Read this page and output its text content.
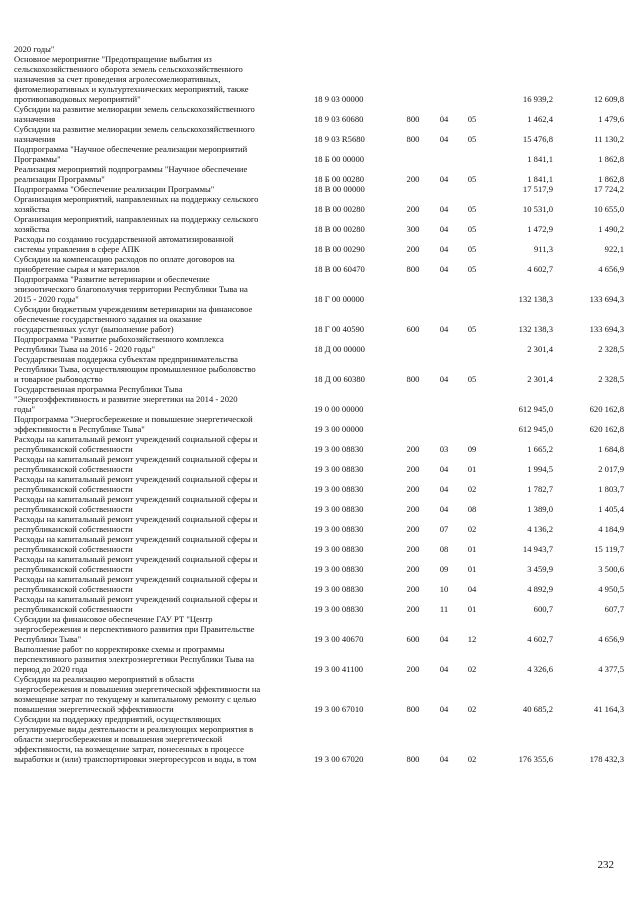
2020 годы"
Основное мероприятие "Предотвращение выбытия из
сельскохозяйственного оборота земель сельскохозяйственного
назначения за счет проведения агролесомелиоративных,
фитомелиоративных и культуртехнических мероприятий, также
противопаводковых мероприятий"	18 9 03 00000	16 939,2	12 609,8
Субсидии на развитие мелиорации земель сельскохозяйственного
назначения	18 9 03 60680	800	04	05	1 462,4	1 479,6
Субсидии на развитие мелиорации земель сельскохозяйственного
назначения	18 9 03 R5680	800	04	05	15 476,8	11 130,2
Подпрограмма "Научное обеспечение реализации мероприятий
Программы"	18 Б 00 00000	1 841,1	1 862,8
Реализация мероприятий подпрограммы "Научное обеспечение
реализации Программы"	18 Б 00 00280	200	04	05	1 841,1	1 862,8
Подпрограмма "Обеспечение реализации Программы"	18 В 00 00000	17 517,9	17 724,2
Организация мероприятий, направленных на поддержку сельского
хозяйства	18 В 00 00280	200	04	05	10 531,0	10 655,0
Организация мероприятий, направленных на поддержку сельского
хозяйства	18 В 00 00280	300	04	05	1 472,9	1 490,2
Расходы по созданию государственной автоматизированной
системы управления в сфере АПК	18 В 00 00290	200	04	05	911,3	922,1
Субсидии на компенсацию расходов по оплате договоров на
приобретение сырья и материалов	18 В 00 60470	800	04	05	4 602,7	4 656,9
Подпрограмма "Развитие ветеринарии и обеспечение
эпизоотического благополучия территории Республики Тыва на
2015 - 2020 годы"	18 Г 00 00000	132 138,3	133 694,3
Субсидии бюджетным учреждениям ветеринарии на финансовое
обеспечение государственного задания на оказание
государственных услуг (выполнение работ)	18 Г 00 40590	600	04	05	132 138,3	133 694,3
Подпрограмма "Развитие рыбохозяйственного комплекса
Республики Тыва на 2016 - 2020 годы"	18 Д 00 00000	2 301,4	2 328,5
Государственная поддержка субъектам предпринимательства
Республики Тыва, осуществляющим промышленное рыболовство
и товарное рыбоводство	18 Д 00 60380	800	04	05	2 301,4	2 328,5
Государственная программа Республики Тыва
"Энергоэффективность и развитие энергетики на 2014 - 2020
годы"	19 0 00 00000	612 945,0	620 162,8
Подпрограмма "Энергосбережение и повышение энергетической
эффективности в Республике Тыва"	19 3 00 00000	612 945,0	620 162,8
Расходы на капитальный ремонт учреждений социальной сферы и
республиканской собственности	19 3 00 08830	200	03	09	1 665,2	1 684,8
Расходы на капитальный ремонт учреждений социальной сферы и
республиканской собственности	19 3 00 08830	200	04	01	1 994,5	2 017,9
Расходы на капитальный ремонт учреждений социальной сферы и
республиканской собственности	19 3 00 08830	200	04	02	1 782,7	1 803,7
Расходы на капитальный ремонт учреждений социальной сферы и
республиканской собственности	19 3 00 08830	200	04	08	1 389,0	1 405,4
Расходы на капитальный ремонт учреждений социальной сферы и
республиканской собственности	19 3 00 08830	200	07	02	4 136,2	4 184,9
Расходы на капитальный ремонт учреждений социальной сферы и
республиканской собственности	19 3 00 08830	200	08	01	14 943,7	15 119,7
Расходы на капитальный ремонт учреждений социальной сферы и
республиканской собственности	19 3 00 08830	200	09	01	3 459,9	3 500,6
Расходы на капитальный ремонт учреждений социальной сферы и
республиканской собственности	19 3 00 08830	200	10	04	4 892,9	4 950,5
Расходы на капитальный ремонт учреждений социальной сферы и
республиканской собственности	19 3 00 08830	200	11	01	600,7	607,7
Субсидии на финансовое обеспечение ГАУ РТ "Центр
энергосбережения и перспективного развития при Правительстве
Республики Тыва"	19 3 00 40670	600	04	12	4 602,7	4 656,9
Выполнение работ по корректировке схемы и программы
перспективного развития электроэнергетики Республики Тыва на
период до 2020 года	19 3 00 41100	200	04	02	4 326,6	4 377,5
Субсидии на реализацию мероприятий в области
энергосбережения и повышения энергетической эффективности на
возмещение затрат по текущему и капитальному ремонту с целью
повышения энергетической эффективности	19 3 00 67010	800	04	02	40 685,2	41 164,3
Субсидии на поддержку предприятий, осуществляющих
регулируемые виды деятельности и реализующих мероприятия в
области энергосбережения и повышения энергетической
эффективности, на возмещение затрат, понесенных в процессе
выработки и (или) транспортировки энергоресурсов и воды, в том	19 3 00 67020	800	04	02	176 355,6	178 432,3
232
